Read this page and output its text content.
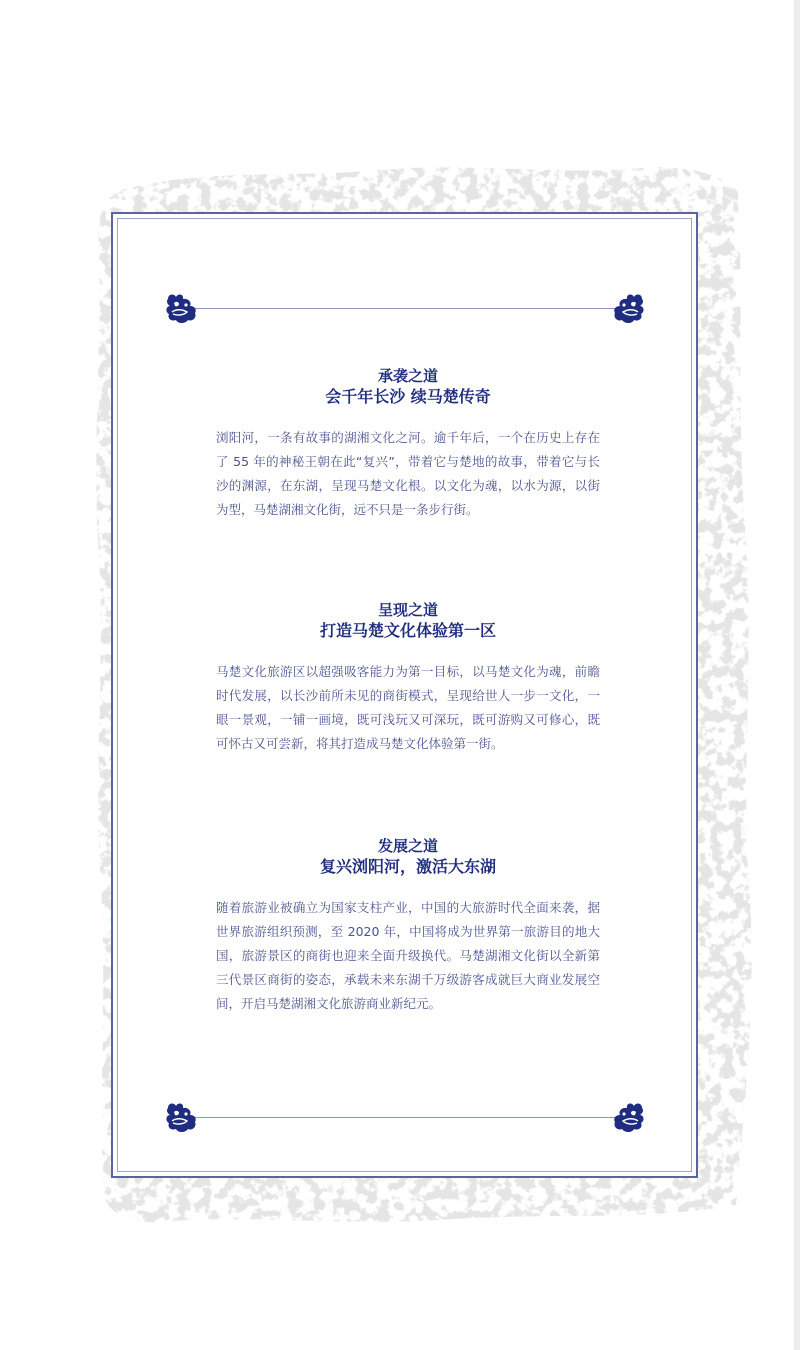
承袭之道
会千年长沙 续马楚传奇

浏阳河，一条有故事的湖湘文化之河。逾千年后，一个在历史上存在了 55 年的神秘王朝在此“复兴”，带着它与楚地的故事，带着它与长沙的渊源，在东湖，呈现马楚文化根。以文化为魂，以水为源，以街为型，马楚湖湘文化街，远不只是一条步行街。

呈现之道
打造马楚文化体验第一区

马楚文化旅游区以超强吸客能力为第一目标，以马楚文化为魂，前瞻时代发展，以长沙前所未见的商街模式，呈现给世人一步一文化，一眼一景观，一铺一画境，既可浅玩又可深玩，既可游购又可修心，既可怀古又可尝新，将其打造成马楚文化体验第一街。

发展之道
复兴浏阳河，激活大东湖

随着旅游业被确立为国家支柱产业，中国的大旅游时代全面来袭，据世界旅游组织预测，至 2020 年，中国将成为世界第一旅游目的地大国，旅游景区的商街也迎来全面升级换代。马楚湖湘文化街以全新第三代景区商街的姿态，承载未来东湖千万级游客成就巨大商业发展空间，开启马楚湖湘文化旅游商业新纪元。
